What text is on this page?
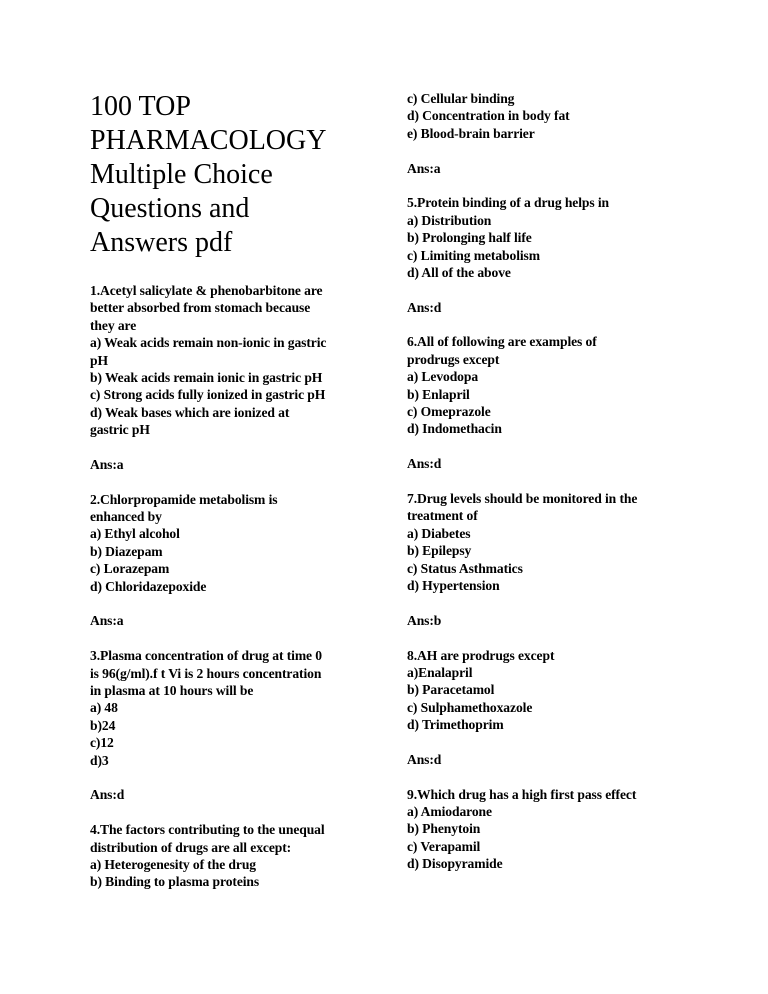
100 TOP
PHARMACOLOGY
Multiple Choice
Questions and
Answers pdf
1.Acetyl salicylate & phenobarbitone are
better absorbed from stomach because
they are
a) Weak acids remain non-ionic in gastric
pH
b) Weak acids remain ionic in gastric pH
c) Strong acids fully ionized in gastric pH
d) Weak bases which are ionized at
gastric pH
Ans:a
2.Chlorpropamide metabolism is
enhanced by
a) Ethyl alcohol
b) Diazepam
c) Lorazepam
d) Chloridazepoxide
Ans:a
3.Plasma concentration of drug at time 0
is 96(g/ml).f t Vi is 2 hours concentration
in plasma at 10 hours will be
a) 48
b)24
c)12
d)3
Ans:d
4.The factors contributing to the unequal
distribution of drugs are all except:
a) Heterogenesity of the drug
b) Binding to plasma proteins
c) Cellular binding
d) Concentration in body fat
e) Blood-brain barrier
Ans:a
5.Protein binding of a drug helps in
a) Distribution
b) Prolonging half life
c) Limiting metabolism
d) All of the above
Ans:d
6.All of following are examples of
prodrugs except
a) Levodopa
b) Enlapril
c) Omeprazole
d) Indomethacin
Ans:d
7.Drug levels should be monitored in the
treatment of
a) Diabetes
b) Epilepsy
c) Status Asthmatics
d) Hypertension
Ans:b
8.AH are prodrugs except
a)Enalapril
b) Paracetamol
c) Sulphamethoxazole
d) Trimethoprim
Ans:d
9.Which drug has a high first pass effect
a) Amiodarone
b) Phenytoin
c) Verapamil
d) Disopyramide
